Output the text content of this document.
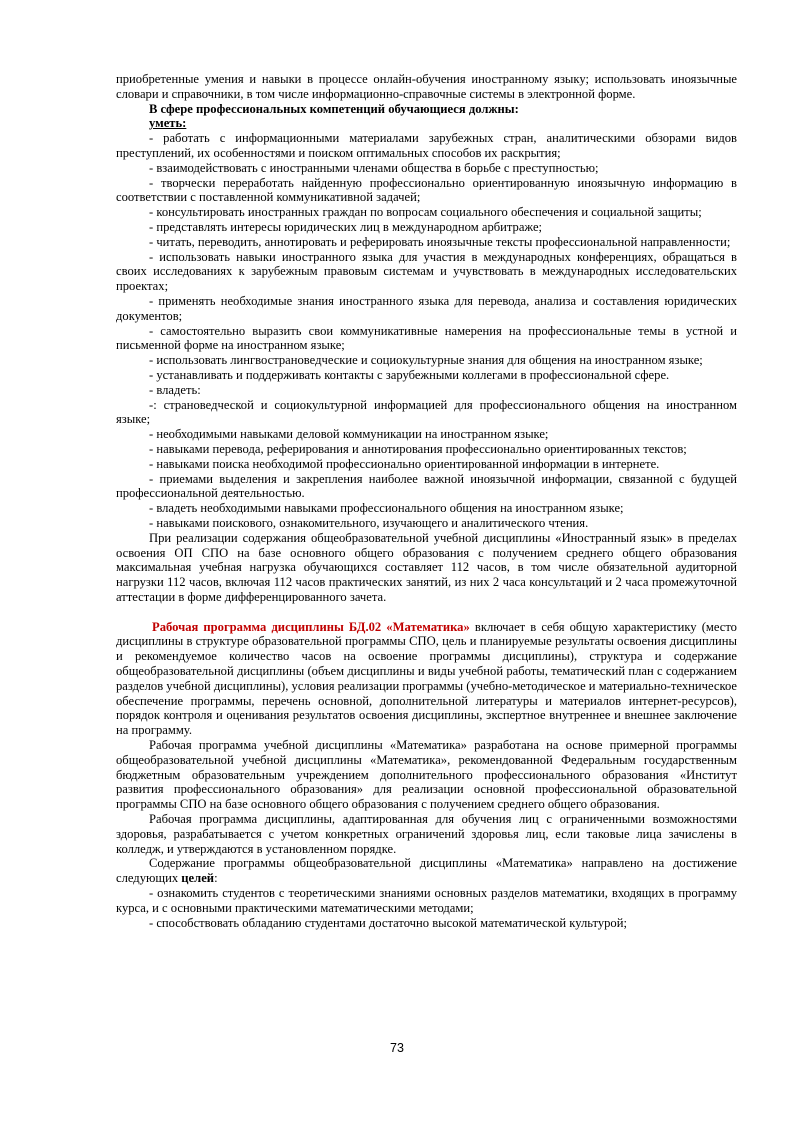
приобретенные умения и навыки в процессе онлайн-обучения иностранному языку; использовать иноязычные словари и справочники, в том числе информационно-справочные системы в электронной форме.

В сфере профессиональных компетенций обучающиеся должны:

уметь:

- работать с информационными материалами зарубежных стран, аналитическими обзорами видов преступлений, их особенностями и поиском оптимальных способов их раскрытия;

- взаимодействовать с иностранными членами общества в борьбе с преступностью;

- творчески переработать найденную профессионально ориентированную иноязычную информацию в соответствии с поставленной коммуникативной задачей;

- консультировать иностранных граждан по вопросам социального обеспечения и социальной защиты;

- представлять интересы юридических лиц в международном арбитраже;

- читать, переводить, аннотировать и реферировать иноязычные тексты профессиональной направленности;

- использовать навыки иностранного языка для участия в международных конференциях, обращаться в своих исследованиях к зарубежным правовым системам и учувствовать в международных исследовательских проектах;

- применять необходимые знания иностранного языка для перевода, анализа и составления юридических документов;

- самостоятельно выразить свои коммуникативные намерения на профессиональные темы в устной и письменной форме на иностранном языке;

- использовать лингвострановедческие и социокультурные знания для общения на иностранном языке;

- устанавливать и поддерживать контакты с зарубежными коллегами в профессиональной сфере.

- владеть:

-: страноведческой и социокультурной информацией для профессионального общения на иностранном языке;

- необходимыми навыками деловой коммуникации на иностранном языке;

- навыками перевода, реферирования и аннотирования профессионально ориентированных текстов;

- навыками поиска необходимой профессионально ориентированной информации в интернете.

- приемами выделения и закрепления наиболее важной иноязычной информации, связанной с будущей профессиональной деятельностью.

- владеть необходимыми навыками профессионального общения на иностранном языке;

- навыками поискового, ознакомительного, изучающего и аналитического чтения.

При реализации содержания общеобразовательной учебной дисциплины «Иностранный язык» в пределах освоения ОП СПО на базе основного общего образования с получением среднего общего образования максимальная учебная нагрузка обучающихся составляет 112 часов, в том числе обязательной аудиторной нагрузки 112 часов, включая 112 часов практических занятий, из них 2 часа консультаций и 2 часа промежуточной аттестации в форме дифференцированного зачета.

Рабочая программа дисциплины БД.02 «Математика» включает в себя общую характеристику (место дисциплины в структуре образовательной программы СПО, цель и планируемые результаты освоения дисциплины и рекомендуемое количество часов на освоение программы дисциплины), структура и содержание общеобразовательной дисциплины (объем дисциплины и виды учебной работы, тематический план с содержанием разделов учебной дисциплины), условия реализации программы (учебно-методическое и материально-техническое обеспечение программы, перечень основной, дополнительной литературы и материалов интернет-ресурсов), порядок контроля и оценивания результатов освоения дисциплины, экспертное внутреннее и внешнее заключение на программу.

Рабочая программа учебной дисциплины «Математика» разработана на основе примерной программы общеобразовательной учебной дисциплины «Математика», рекомендованной Федеральным государственным бюджетным образовательным учреждением дополнительного профессионального образования «Институт развития профессионального образования» для реализации основной профессиональной образовательной программы СПО на базе основного общего образования с получением среднего общего образования.

Рабочая программа дисциплины, адаптированная для обучения лиц с ограниченными возможностями здоровья, разрабатывается с учетом конкретных ограничений здоровья лиц, если таковые лица зачислены в колледж, и утверждаются в установленном порядке.

Содержание программы общеобразовательной дисциплины «Математика» направлено на достижение следующих целей:

- ознакомить студентов с теоретическими знаниями основных разделов математики, входящих в программу курса, и с основными практическими математическими методами;

- способствовать обладанию студентами достаточно высокой математической культурой;

73
